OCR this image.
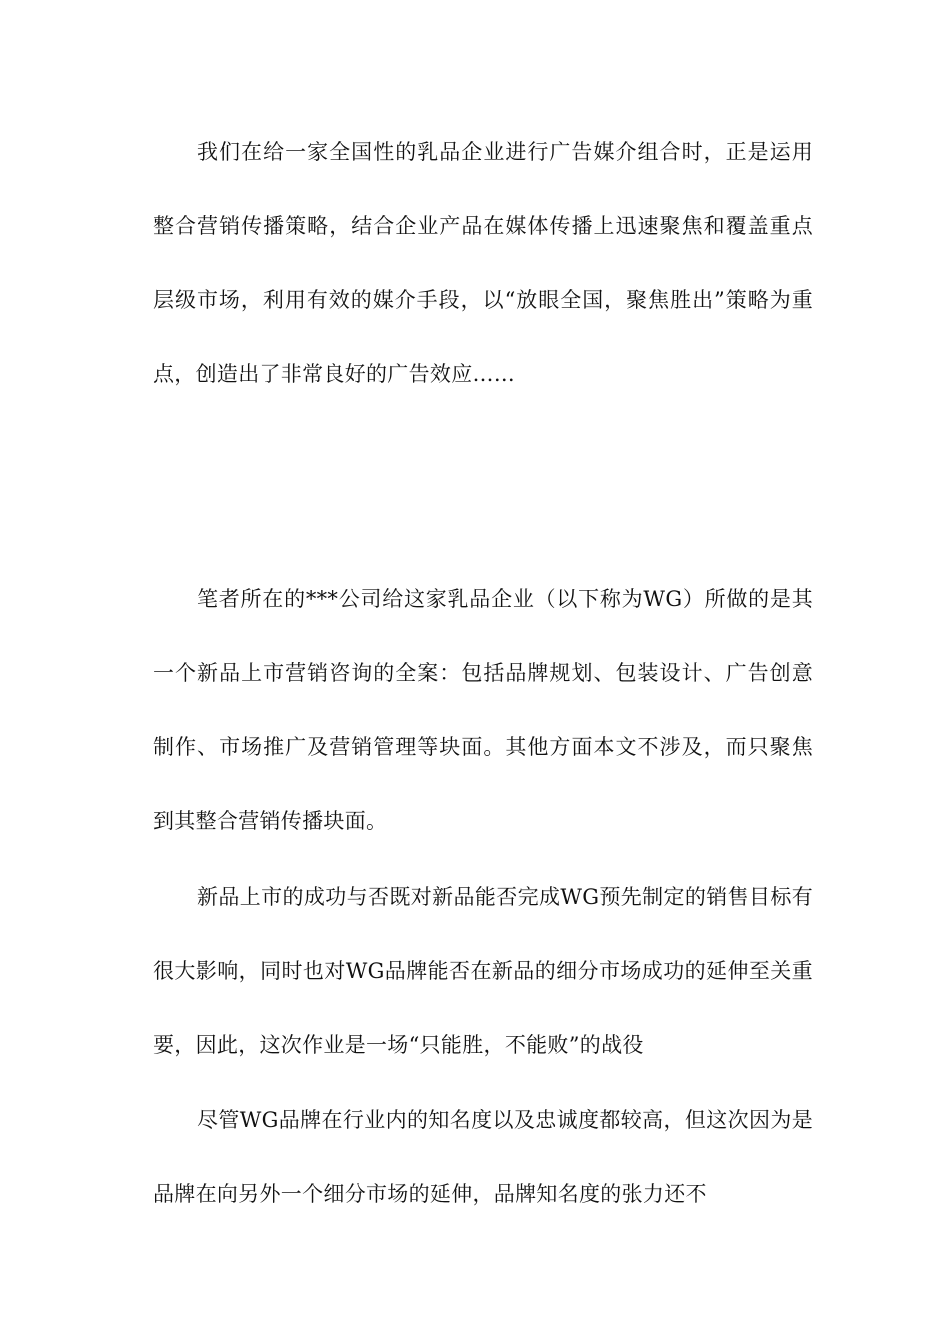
我们在给一家全国性的乳品企业进行广告媒介组合时，正是运用整合营销传播策略，结合企业产品在媒体传播上迅速聚焦和覆盖重点层级市场，利用有效的媒介手段，以“放眼全国，聚焦胜出”策略为重点，创造出了非常良好的广告效应……

笔者所在的***公司给这家乳品企业（以下称为WG）所做的是其一个新品上市营销咨询的全案：包括品牌规划、包装设计、广告创意制作、市场推广及营销管理等块面。其他方面本文不涉及，而只聚焦到其整合营销传播块面。

新品上市的成功与否既对新品能否完成WG预先制定的销售目标有很大影响，同时也对WG品牌能否在新品的细分市场成功的延伸至关重要，因此，这次作业是一场“只能胜，不能败”的战役

尽管WG品牌在行业内的知名度以及忠诚度都较高，但这次因为是品牌在向另外一个细分市场的延伸，品牌知名度的张力还不
